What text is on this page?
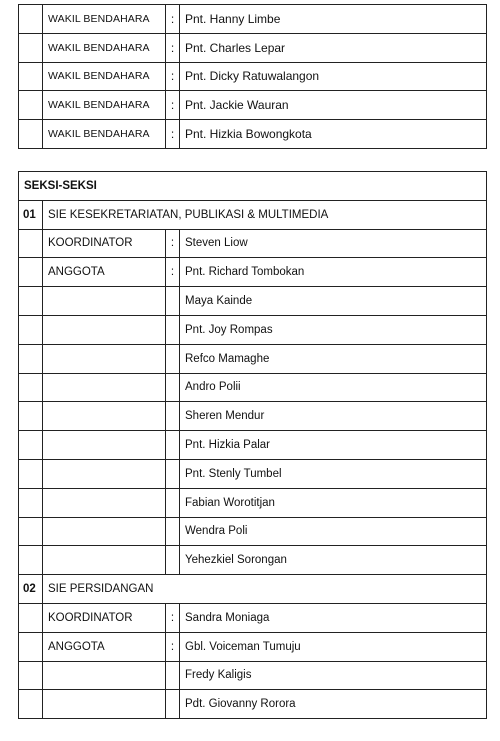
	WAKIL BENDAHARA	:	Pnt. Hanny Limbe
	WAKIL BENDAHARA	:	Pnt. Charles Lepar
	WAKIL BENDAHARA	:	Pnt. Dicky Ratuwalangon
	WAKIL BENDAHARA	:	Pnt. Jackie Wauran
	WAKIL BENDAHARA	:	Pnt. Hizkia Bowongkota
SEKSI-SEKSI			
01	SIE KESEKRETARIATAN, PUBLIKASI & MULTIMEDIA		
	KOORDINATOR	:	Steven Liow
	ANGGOTA	:	Pnt. Richard Tombokan
			Maya Kainde
			Pnt. Joy Rompas
			Refco Mamaghe
			Andro Polii
			Sheren Mendur
			Pnt. Hizkia Palar
			Pnt. Stenly Tumbel
			Fabian Worotitjan
			Wendra Poli
			Yehezkiel Sorongan
02	SIE PERSIDANGAN		
	KOORDINATOR	:	Sandra Moniaga
	ANGGOTA	:	Gbl. Voiceman Tumuju
			Fredy Kaligis
			Pdt. Giovanny Rorora
